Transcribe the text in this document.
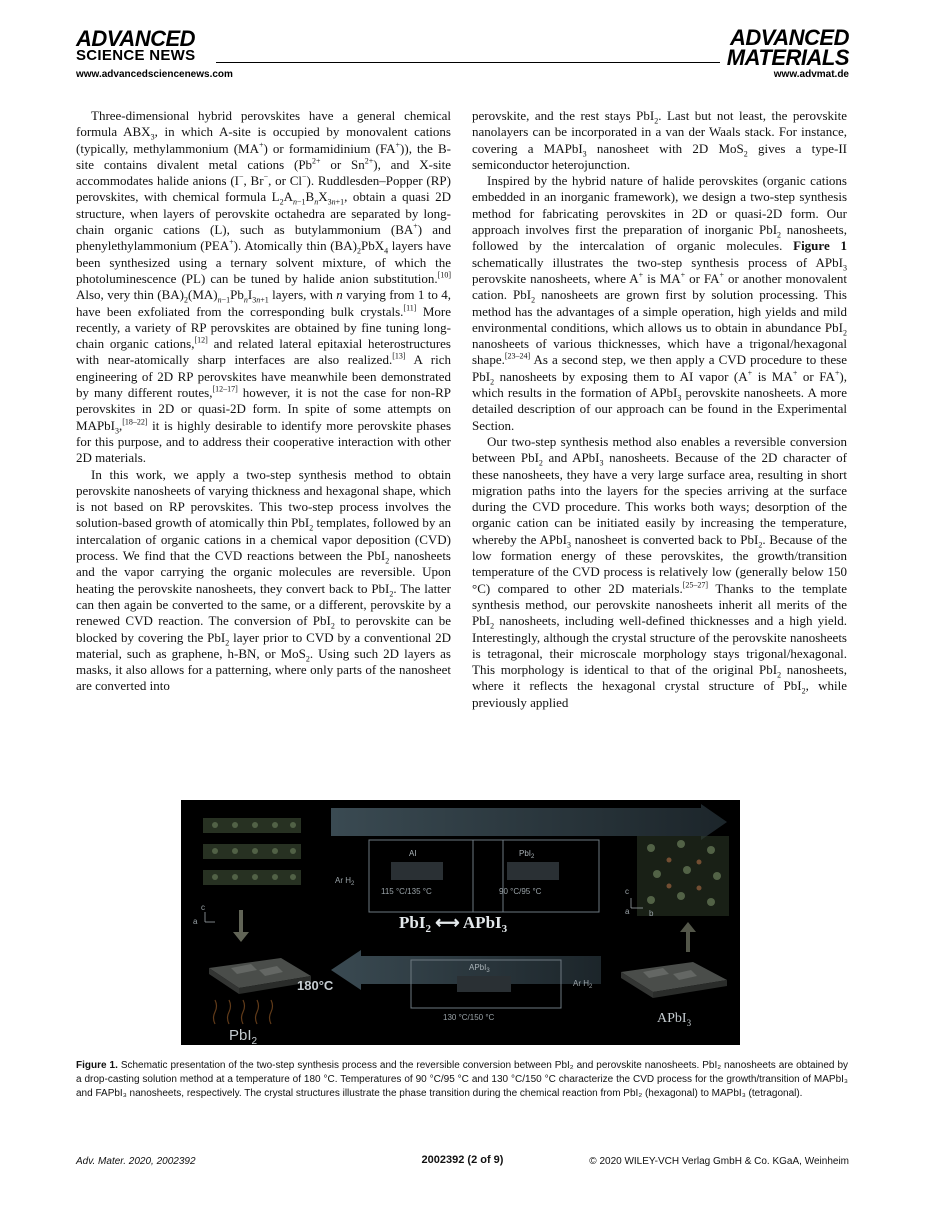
ADVANCED
SCIENCE NEWS
ADVANCED
MATERIALS
www.advancedsciencenews.com	www.advmat.de

Three-dimensional hybrid perovskites have a general chemical formula $ABX_3$, in which A-site is occupied by monovalent cations (typically, methylammonium (MA+) or formamidinium (FA+)), the B-site contains divalent metal cations ($Pb^{2+}$ or $Sn^{2+}$), and X-site accommodates halide anions (I−, Br−, or Cl−). Ruddlesden–Popper (RP) perovskites, with chemical formula $L_2A_{n-1}B_nX_{3n+1}$, obtain a quasi 2D structure, when layers of perovskite octahedra are separated by long-chain organic cations (L), such as butylammonium (BA+) and phenylethylammonium (PEA+). Atomically thin $(BA)_2PbX_4$ layers have been synthesized using a ternary solvent mixture, of which the photoluminescence (PL) can be tuned by halide anion substitution.[10] Also, very thin $(BA)_2(MA)_{n-1}Pb_nI_{3n+1}$ layers, with n varying from 1 to 4, have been exfoliated from the corresponding bulk crystals.[11] More recently, a variety of RP perovskites are obtained by fine tuning long-chain organic cations,[12] and related lateral epitaxial heterostructures with near-atomically sharp interfaces are also realized.[13] A rich engineering of 2D RP perovskites have meanwhile been demonstrated by many different routes,[12–17] however, it is not the case for non-RP perovskites in 2D or quasi-2D form. In spite of some attempts on MAPbI$_3$,[18–22] it is highly desirable to identify more perovskite phases for this purpose, and to address their cooperative interaction with other 2D materials.

In this work, we apply a two-step synthesis method to obtain perovskite nanosheets of varying thickness and hexagonal shape, which is not based on RP perovskites. This two-step process involves the solution-based growth of atomically thin PbI$_2$ templates, followed by an intercalation of organic cations in a chemical vapor deposition (CVD) process. We find that the CVD reactions between the PbI$_2$ nanosheets and the vapor carrying the organic molecules are reversible. Upon heating the perovskite nanosheets, they convert back to PbI$_2$. The latter can then again be converted to the same, or a different, perovskite by a renewed CVD reaction. The conversion of PbI$_2$ to perovskite can be blocked by covering the PbI$_2$ layer prior to CVD by a conventional 2D material, such as graphene, h-BN, or MoS$_2$. Using such 2D layers as masks, it also allows for a patterning, where only parts of the nanosheet are converted into

perovskite, and the rest stays PbI$_2$. Last but not least, the perovskite nanolayers can be incorporated in a van der Waals stack. For instance, covering a MAPbI$_3$ nanosheet with 2D MoS$_2$ gives a type-II semiconductor heterojunction.

Inspired by the hybrid nature of halide perovskites (organic cations embedded in an inorganic framework), we design a two-step synthesis method for fabricating perovskites in 2D or quasi-2D form. Our approach involves first the preparation of inorganic PbI$_2$ nanosheets, followed by the intercalation of organic molecules. Figure 1 schematically illustrates the two-step synthesis process of APbI$_3$ perovskite nanosheets, where A+ is MA+ or FA+ or another monovalent cation. PbI$_2$ nanosheets are grown first by solution processing. This method has the advantages of a simple operation, high yields and mild environmental conditions, which allows us to obtain in abundance PbI$_2$ nanosheets of various thicknesses, which have a trigonal/hexagonal shape.[23–24] As a second step, we then apply a CVD procedure to these PbI$_2$ nanosheets by exposing them to AI vapor (A+ is MA+ or FA+), which results in the formation of APbI$_3$ perovskite nanosheets. A more detailed description of our approach can be found in the Experimental Section.

Our two-step synthesis method also enables a reversible conversion between PbI$_2$ and APbI$_3$ nanosheets. Because of the 2D character of these nanosheets, they have a very large surface area, resulting in short migration paths into the layers for the species arriving at the surface during the CVD procedure. This works both ways; desorption of the organic cation can be initiated easily by increasing the temperature, whereby the APbI$_3$ nanosheet is converted back to PbI$_2$. Because of the low formation energy of these perovskites, the growth/transition temperature of the CVD process is relatively low (generally below 150 °C) compared to other 2D materials.[25–27] Thanks to the template synthesis method, our perovskite nanosheets inherit all merits of the PbI$_2$ nanosheets, including well-defined thicknesses and a high yield. Interestingly, although the crystal structure of the perovskite nanosheets is tetragonal, their microscale morphology stays trigonal/hexagonal. This morphology is identical to that of the original PbI$_2$ nanosheets, where it reflects the hexagonal crystal structure of PbI$_2$, while previously applied

c
a
180°C
PbI$_2$
AI	PbI$_2$
Ar $H_2$
115 °C/135 °C	90 °C/95 °C
PbI$_2$ ⟷ APbI$_3$
APbI$_3$
Ar $H_2$
130 °C/150 °C
c
a b
APbI$_3$
Figure 1. Schematic presentation of the two-step synthesis process and the reversible conversion between PbI₂ and perovskite nanosheets. PbI₂ nanosheets are obtained by a drop-casting solution method at a temperature of 180 °C. Temperatures of 90 °C/95 °C and 130 °C/150 °C characterize the CVD process for the growth/transition of MAPbI₃ and FAPbI₃ nanosheets, respectively. The crystal structures illustrate the phase transition during the chemical reaction from PbI₂ (hexagonal) to MAPbI₃ (tetragonal).
Adv. Mater. 2020, 2002392	2002392 (2 of 9)	© 2020 WILEY-VCH Verlag GmbH & Co. KGaA, Weinheim
